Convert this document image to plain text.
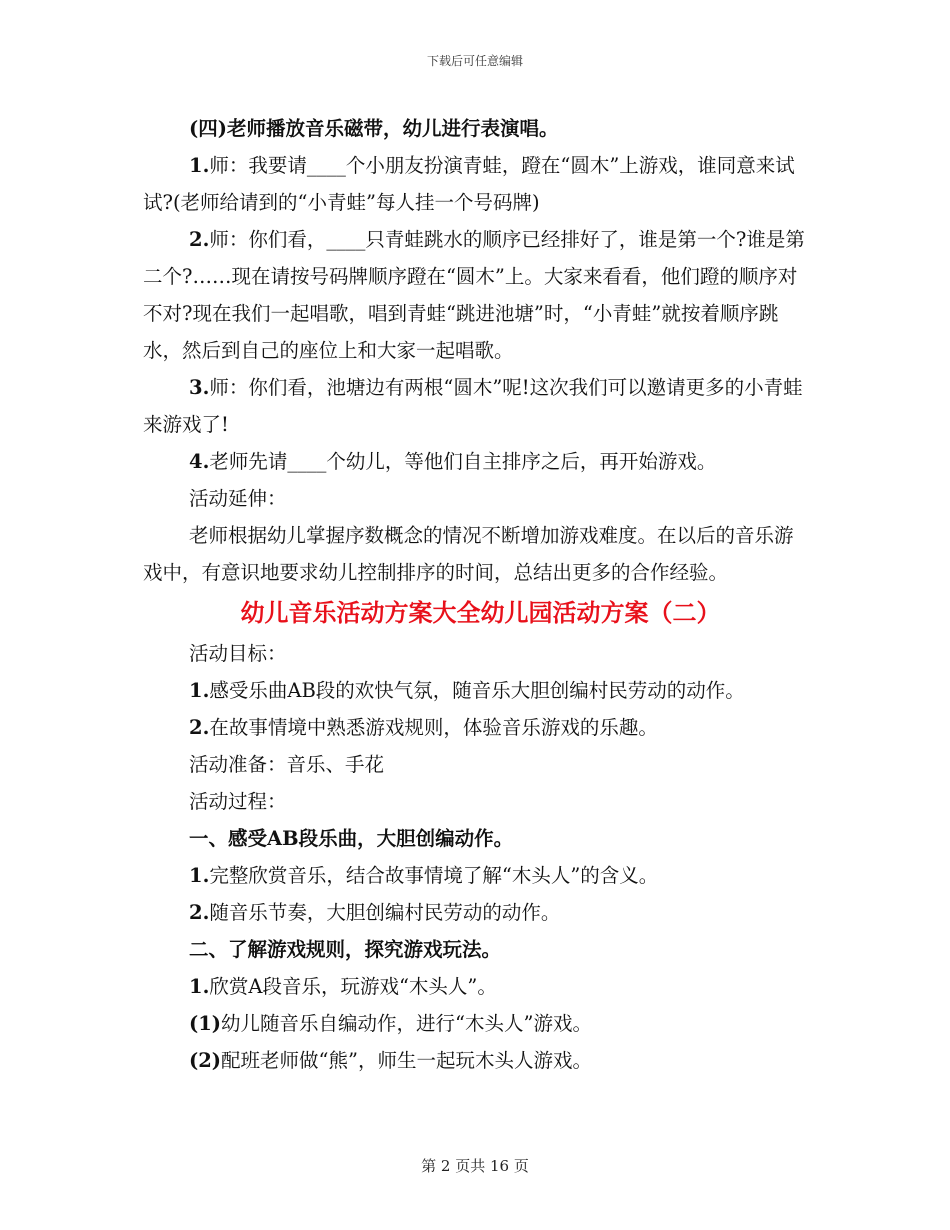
下载后可任意编辑

(四)老师播放音乐磁带，幼儿进行表演唱。

1.师：我要请____个小朋友扮演青蛙，蹬在“圆木”上游戏，谁同意来试试?(老师给请到的“小青蛙”每人挂一个号码牌)

2.师：你们看，____只青蛙跳水的顺序已经排好了，谁是第一个?谁是第二个?……现在请按号码牌顺序蹬在“圆木”上。大家来看看，他们蹬的顺序对不对?现在我们一起唱歌，唱到青蛙“跳进池塘”时，“小青蛙”就按着顺序跳水，然后到自己的座位上和大家一起唱歌。

3.师：你们看，池塘边有两根“圆木”呢!这次我们可以邀请更多的小青蛙来游戏了!

4.老师先请____个幼儿，等他们自主排序之后，再开始游戏。

活动延伸：

老师根据幼儿掌握序数概念的情况不断增加游戏难度。在以后的音乐游戏中，有意识地要求幼儿控制排序的时间，总结出更多的合作经验。

幼儿音乐活动方案大全幼儿园活动方案（二）

活动目标：

1.感受乐曲AB段的欢快气氛，随音乐大胆创编村民劳动的动作。

2.在故事情境中熟悉游戏规则，体验音乐游戏的乐趣。

活动准备：音乐、手花

活动过程：

一、感受AB段乐曲，大胆创编动作。

1.完整欣赏音乐，结合故事情境了解“木头人”的含义。

2.随音乐节奏，大胆创编村民劳动的动作。

二、了解游戏规则，探究游戏玩法。

1.欣赏A段音乐，玩游戏“木头人”。

(1)幼儿随音乐自编动作，进行“木头人”游戏。

(2)配班老师做“熊”，师生一起玩木头人游戏。

第 2 页共 16 页
